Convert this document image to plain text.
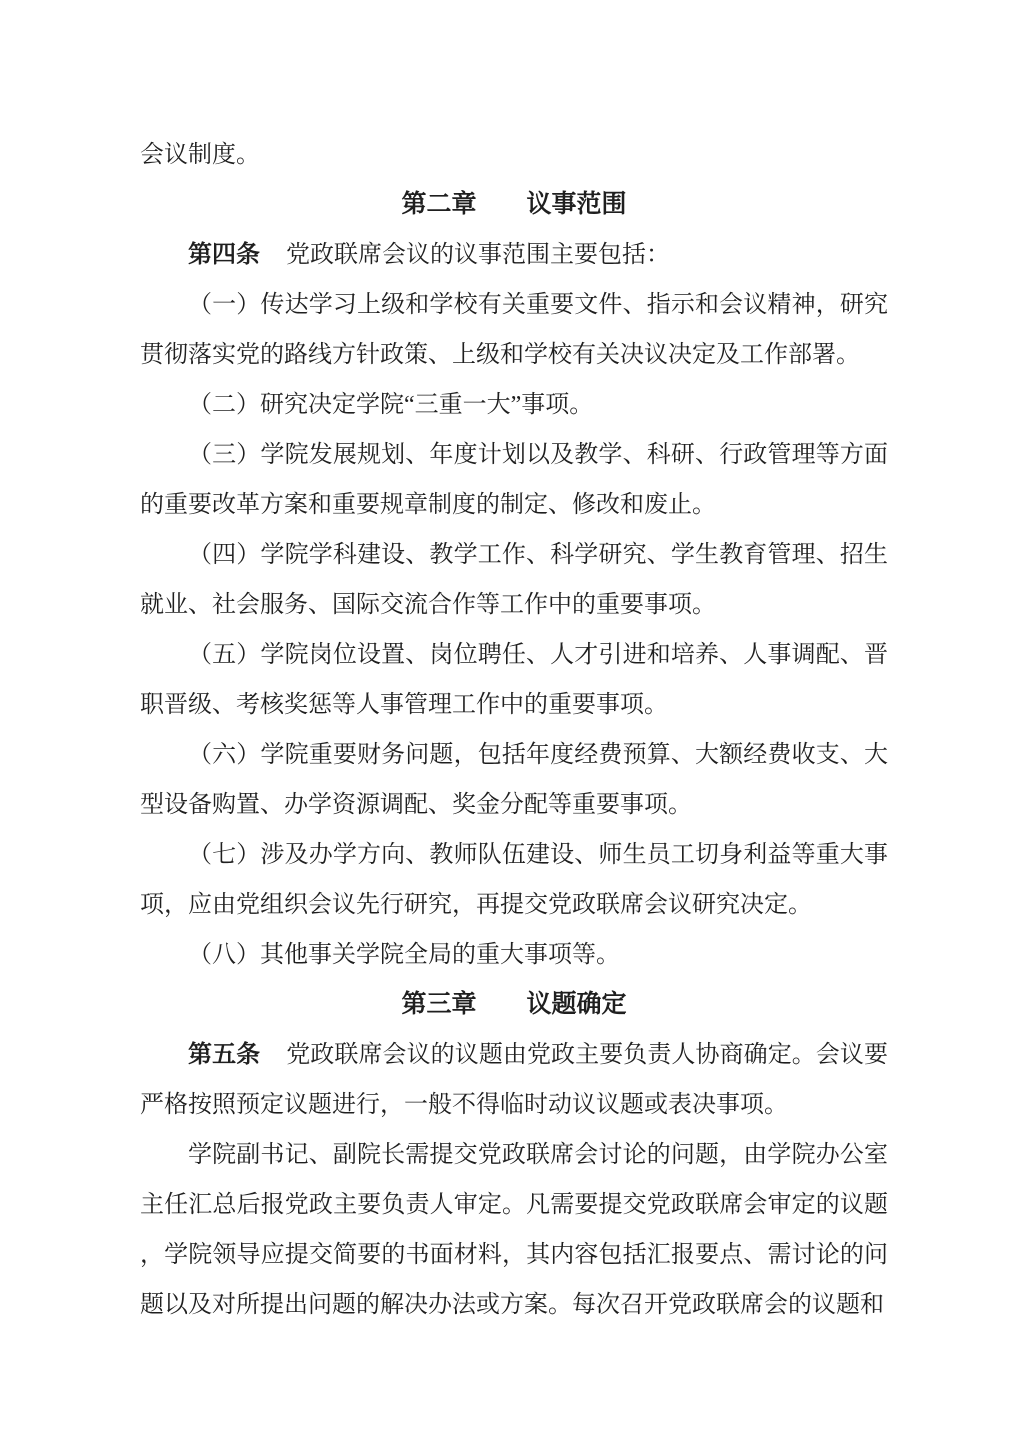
会议制度。
第二章 议事范围
第四条 党政联席会议的议事范围主要包括：
（一）传达学习上级和学校有关重要文件、指示和会议精神，研究
贯彻落实党的路线方针政策、上级和学校有关决议决定及工作部署。
（二）研究决定学院“三重一大”事项。
（三）学院发展规划、年度计划以及教学、科研、行政管理等方面
的重要改革方案和重要规章制度的制定、修改和废止。
（四）学院学科建设、教学工作、科学研究、学生教育管理、招生
就业、社会服务、国际交流合作等工作中的重要事项。
（五）学院岗位设置、岗位聘任、人才引进和培养、人事调配、晋
职晋级、考核奖惩等人事管理工作中的重要事项。
（六）学院重要财务问题，包括年度经费预算、大额经费收支、大
型设备购置、办学资源调配、奖金分配等重要事项。
（七）涉及办学方向、教师队伍建设、师生员工切身利益等重大事
项，应由党组织会议先行研究，再提交党政联席会议研究决定。
（八）其他事关学院全局的重大事项等。
第三章 议题确定
第五条 党政联席会议的议题由党政主要负责人协商确定。会议要
严格按照预定议题进行，一般不得临时动议议题或表决事项。
学院副书记、副院长需提交党政联席会讨论的问题，由学院办公室
主任汇总后报党政主要负责人审定。凡需要提交党政联席会审定的议题
，学院领导应提交简要的书面材料，其内容包括汇报要点、需讨论的问
题以及对所提出问题的解决办法或方案。每次召开党政联席会的议题和
